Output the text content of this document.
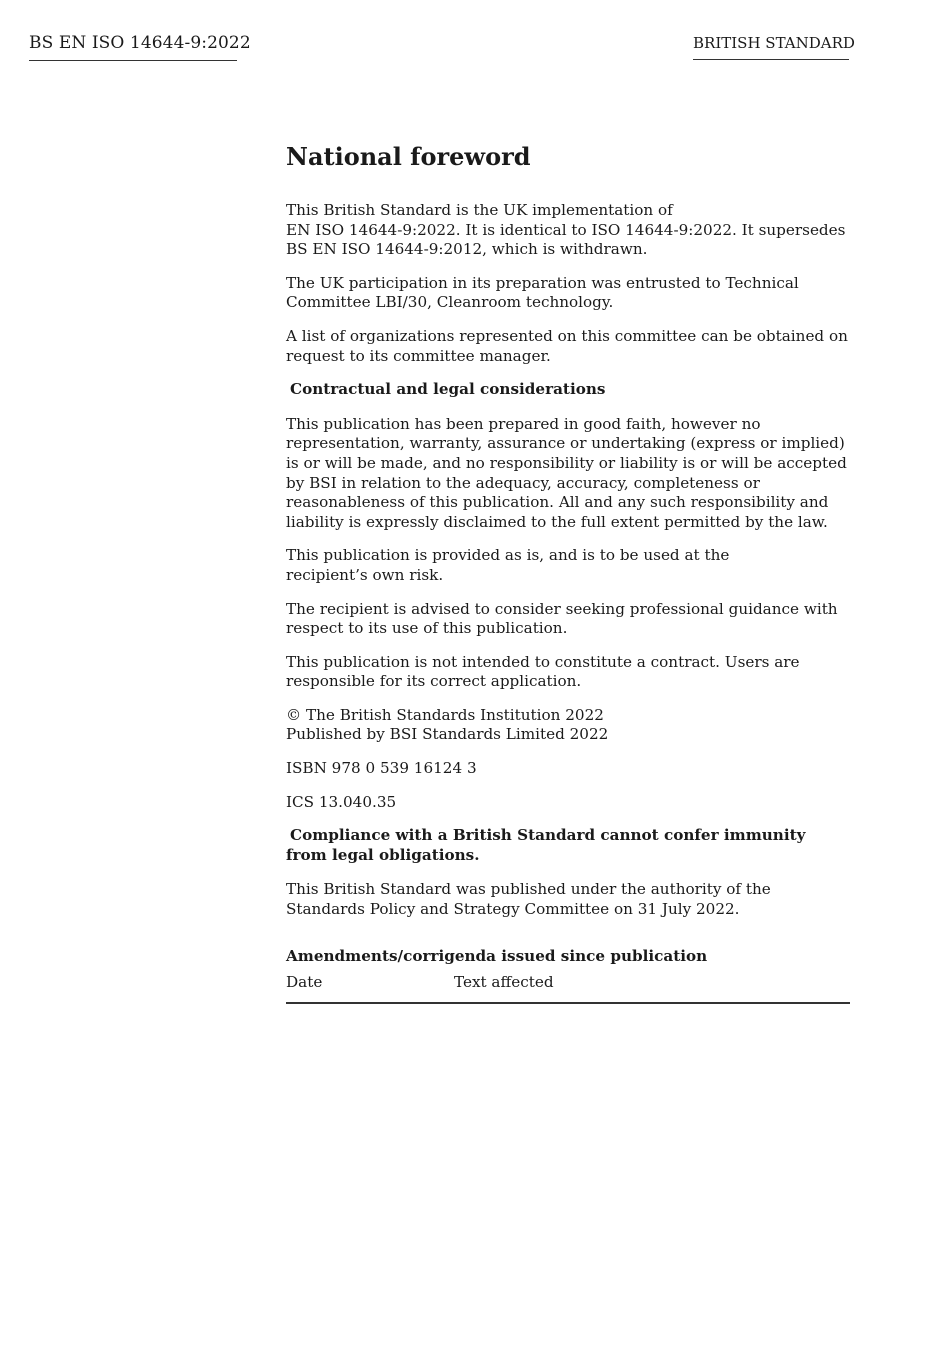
BS EN ISO 14644-9:2022	BRITISH STANDARD
National foreword

This British Standard is the UK implementation of
EN ISO 14644-9:2022. It is identical to ISO 14644-9:2022. It supersedes
BS EN ISO 14644-9:2012, which is withdrawn.

The UK participation in its preparation was entrusted to Technical Committee LBI/30, Cleanroom technology.

A list of organizations represented on this committee can be obtained on request to its committee manager.

Contractual and legal considerations

This publication has been prepared in good faith, however no representation, warranty, assurance or undertaking (express or implied) is or will be made, and no responsibility or liability is or will be accepted by BSI in relation to the adequacy, accuracy, completeness or reasonableness of this publication. All and any such responsibility and liability is expressly disclaimed to the full extent permitted by the law.

This publication is provided as is, and is to be used at the
recipient’s own risk.

The recipient is advised to consider seeking professional guidance with respect to its use of this publication.

This publication is not intended to constitute a contract. Users are responsible for its correct application.

© The British Standards Institution 2022
Published by BSI Standards Limited 2022

ISBN 978 0 539 16124 3

ICS 13.040.35

Compliance with a British Standard cannot confer immunity from legal obligations.

This British Standard was published under the authority of the
Standards Policy and Strategy Committee on 31 July 2022.

Amendments/corrigenda issued since publication
Date	Text affected
